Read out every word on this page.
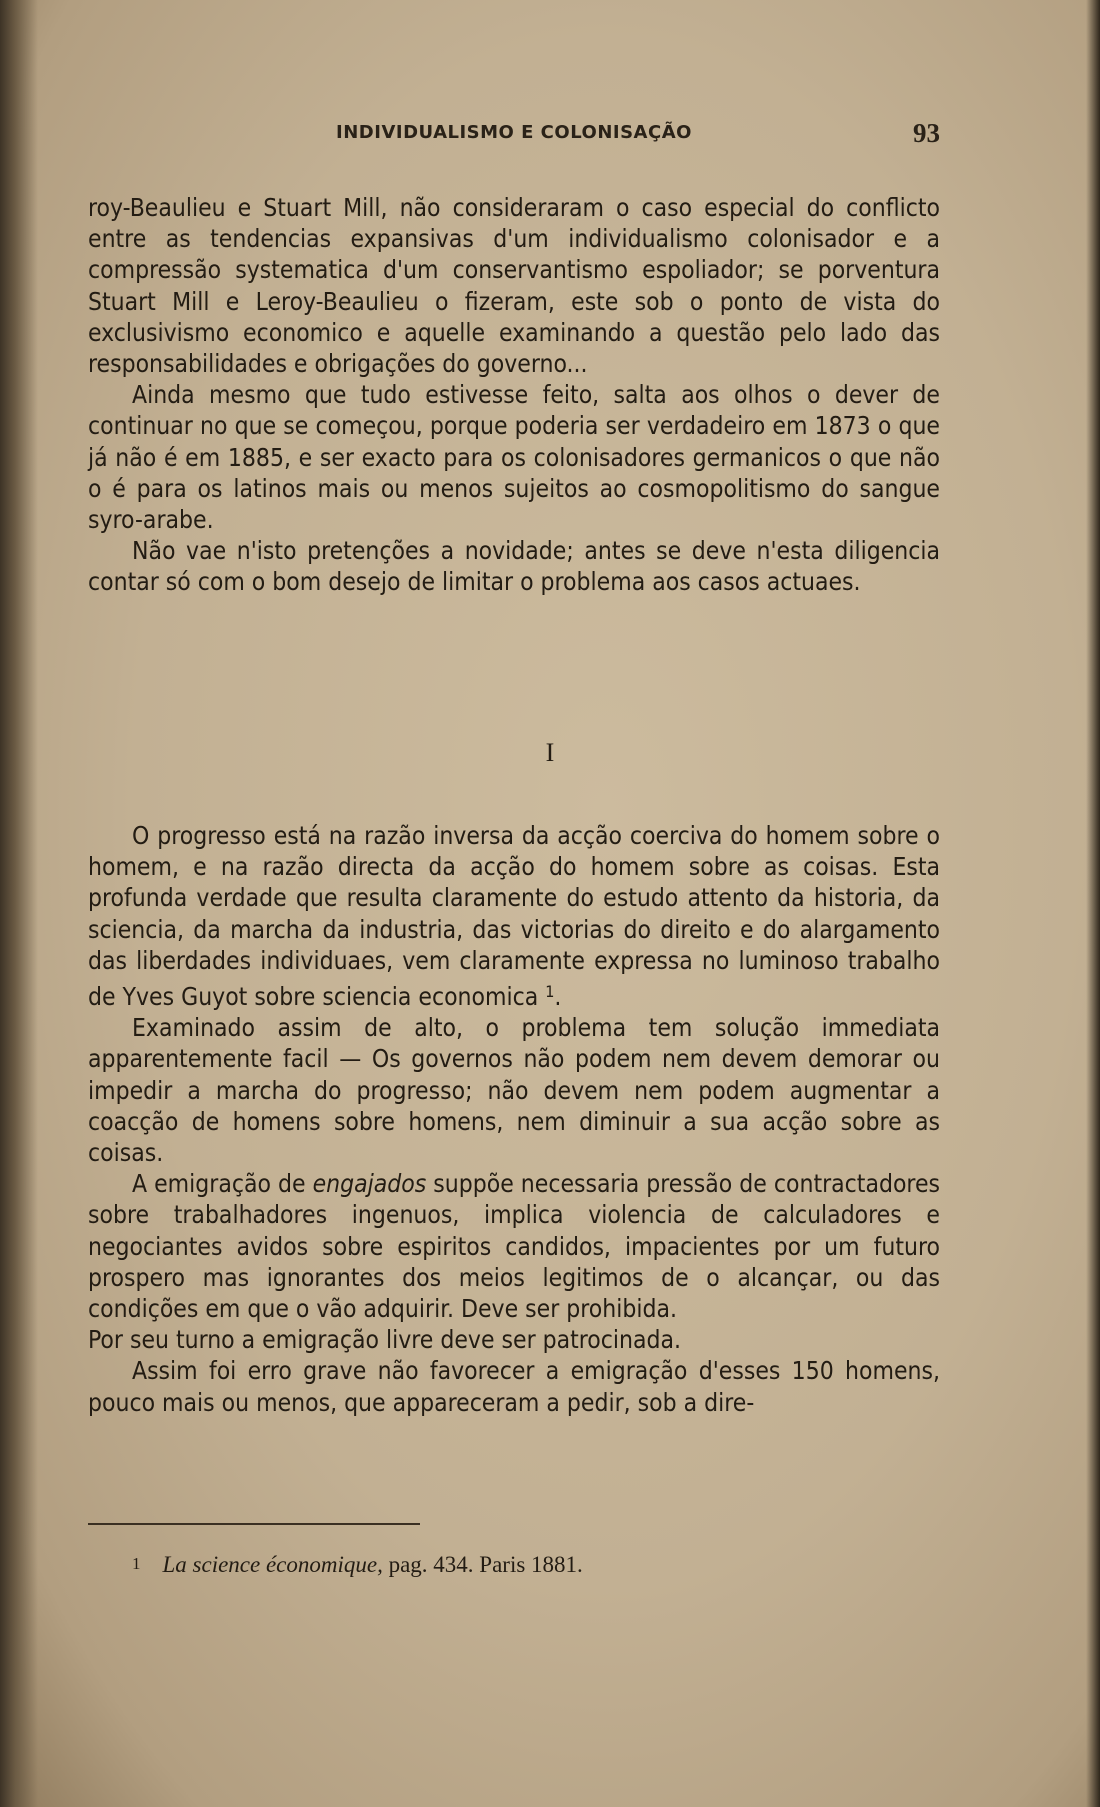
INDIVIDUALISMO E COLONISAÇÃO	93

roy-Beaulieu e Stuart Mill, não consideraram o caso especial do conflicto entre as tendencias expansivas d'um individualismo colonisador e a compressão systematica d'um conservantismo espoliador; se porventura Stuart Mill e Leroy-Beaulieu o fizeram, este sob o ponto de vista do exclusivismo economico e aquelle examinando a questão pelo lado das responsabilidades e obrigações do governo...

Ainda mesmo que tudo estivesse feito, salta aos olhos o dever de continuar no que se começou, porque poderia ser verdadeiro em 1873 o que já não é em 1885, e ser exacto para os colonisadores germanicos o que não o é para os latinos mais ou menos sujeitos ao cosmopolitismo do sangue syro-arabe.

Não vae n'isto pretenções a novidade; antes se deve n'esta diligencia contar só com o bom desejo de limitar o problema aos casos actuaes.

I

O progresso está na razão inversa da acção coerciva do homem sobre o homem, e na razão directa da acção do homem sobre as coisas. Esta profunda verdade que resulta claramente do estudo attento da historia, da sciencia, da marcha da industria, das victorias do direito e do alargamento das liberdades individuaes, vem claramente expressa no luminoso trabalho de Yves Guyot sobre sciencia economica $^1$.

Examinado assim de alto, o problema tem solução immediata apparentemente facil — Os governos não podem nem devem demorar ou impedir a marcha do progresso; não devem nem podem augmentar a coacção de homens sobre homens, nem diminuir a sua acção sobre as coisas.

A emigração de engajados suppõe necessaria pressão de contractadores sobre trabalhadores ingenuos, implica violencia de calculadores e negociantes avidos sobre espiritos candidos, impacientes por um futuro prospero mas ignorantes dos meios legitimos de o alcançar, ou das condições em que o vão adquirir. Deve ser prohibida.

Por seu turno a emigração livre deve ser patrocinada.

Assim foi erro grave não favorecer a emigração d'esses 150 homens, pouco mais ou menos, que appareceram a pedir, sob a dire-

1 La science économique, pag. 434. Paris 1881.
